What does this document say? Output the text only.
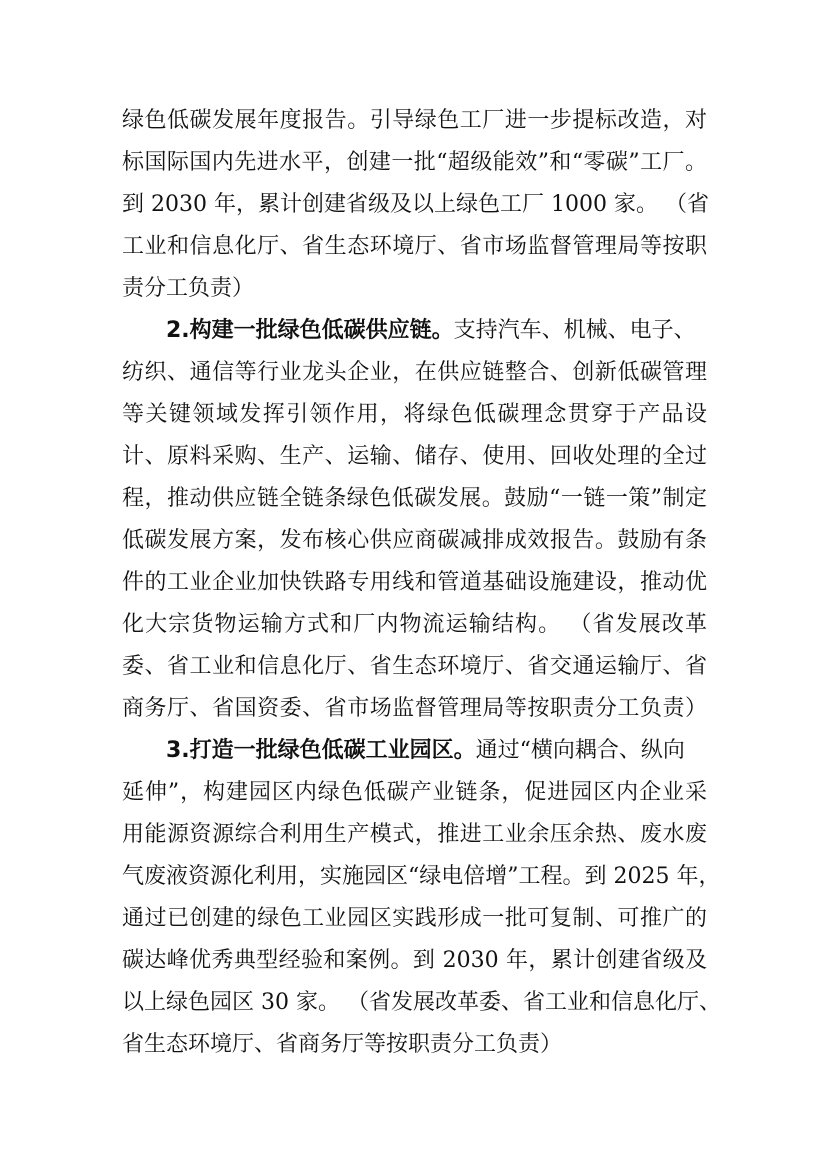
绿色低碳发展年度报告。引导绿色工厂进一步提标改造，对
标国际国内先进水平，创建一批“超级能效”和“零碳”工厂。
到 2030 年，累计创建省级及以上绿色工厂 1000 家。 （省
工业和信息化厅、省生态环境厅、省市场监督管理局等按职
责分工负责）
2.构建一批绿色低碳供应链。支持汽车、机械、电子、
纺织、通信等行业龙头企业，在供应链整合、创新低碳管理
等关键领域发挥引领作用，将绿色低碳理念贯穿于产品设
计、原料采购、生产、运输、储存、使用、回收处理的全过
程，推动供应链全链条绿色低碳发展。鼓励“一链一策”制定
低碳发展方案，发布核心供应商碳减排成效报告。鼓励有条
件的工业企业加快铁路专用线和管道基础设施建设，推动优
化大宗货物运输方式和厂内物流运输结构。 （省发展改革
委、省工业和信息化厅、省生态环境厅、省交通运输厅、省
商务厅、省国资委、省市场监督管理局等按职责分工负责）
3.打造一批绿色低碳工业园区。通过“横向耦合、纵向
延伸”，构建园区内绿色低碳产业链条，促进园区内企业采
用能源资源综合利用生产模式，推进工业余压余热、废水废
气废液资源化利用，实施园区“绿电倍增”工程。到 2025 年，
通过已创建的绿色工业园区实践形成一批可复制、可推广的
碳达峰优秀典型经验和案例。到 2030 年，累计创建省级及
以上绿色园区 30 家。 （省发展改革委、省工业和信息化厅、
省生态环境厅、省商务厅等按职责分工负责）
